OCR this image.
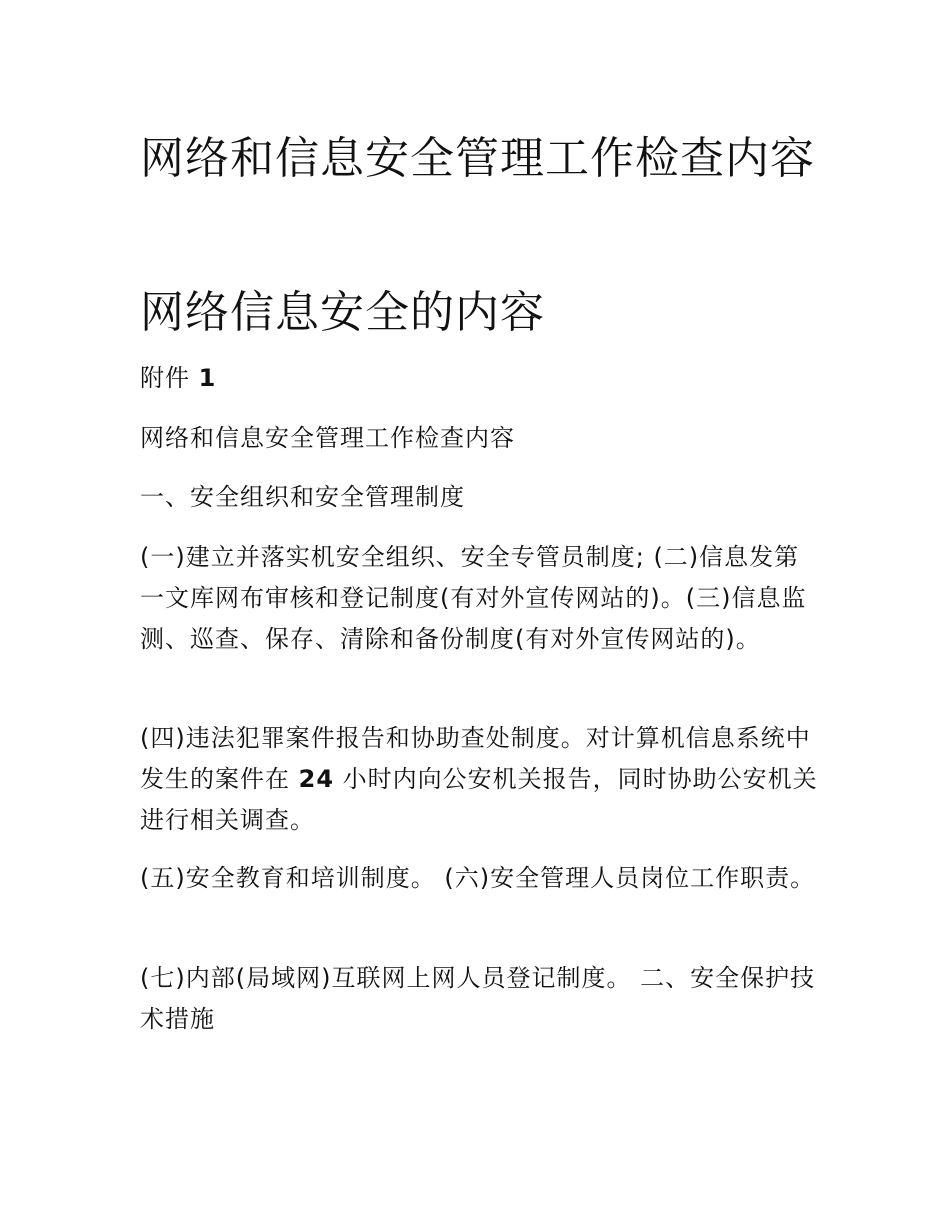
网络和信息安全管理工作检查内容
网络信息安全的内容

附件 1

网络和信息安全管理工作检查内容

一、安全组织和安全管理制度

(一)建立并落实机安全组织、安全专管员制度; (二)信息发第一文库网布审核和登记制度(有对外宣传网站的)。(三)信息监测、巡查、保存、清除和备份制度(有对外宣传网站的)。

(四)违法犯罪案件报告和协助查处制度。对计算机信息系统中发生的案件在 24 小时内向公安机关报告，同时协助公安机关进行相关调查。

(五)安全教育和培训制度。 (六)安全管理人员岗位工作职责。

(七)内部(局域网)互联网上网人员登记制度。 二、安全保护技术措施
